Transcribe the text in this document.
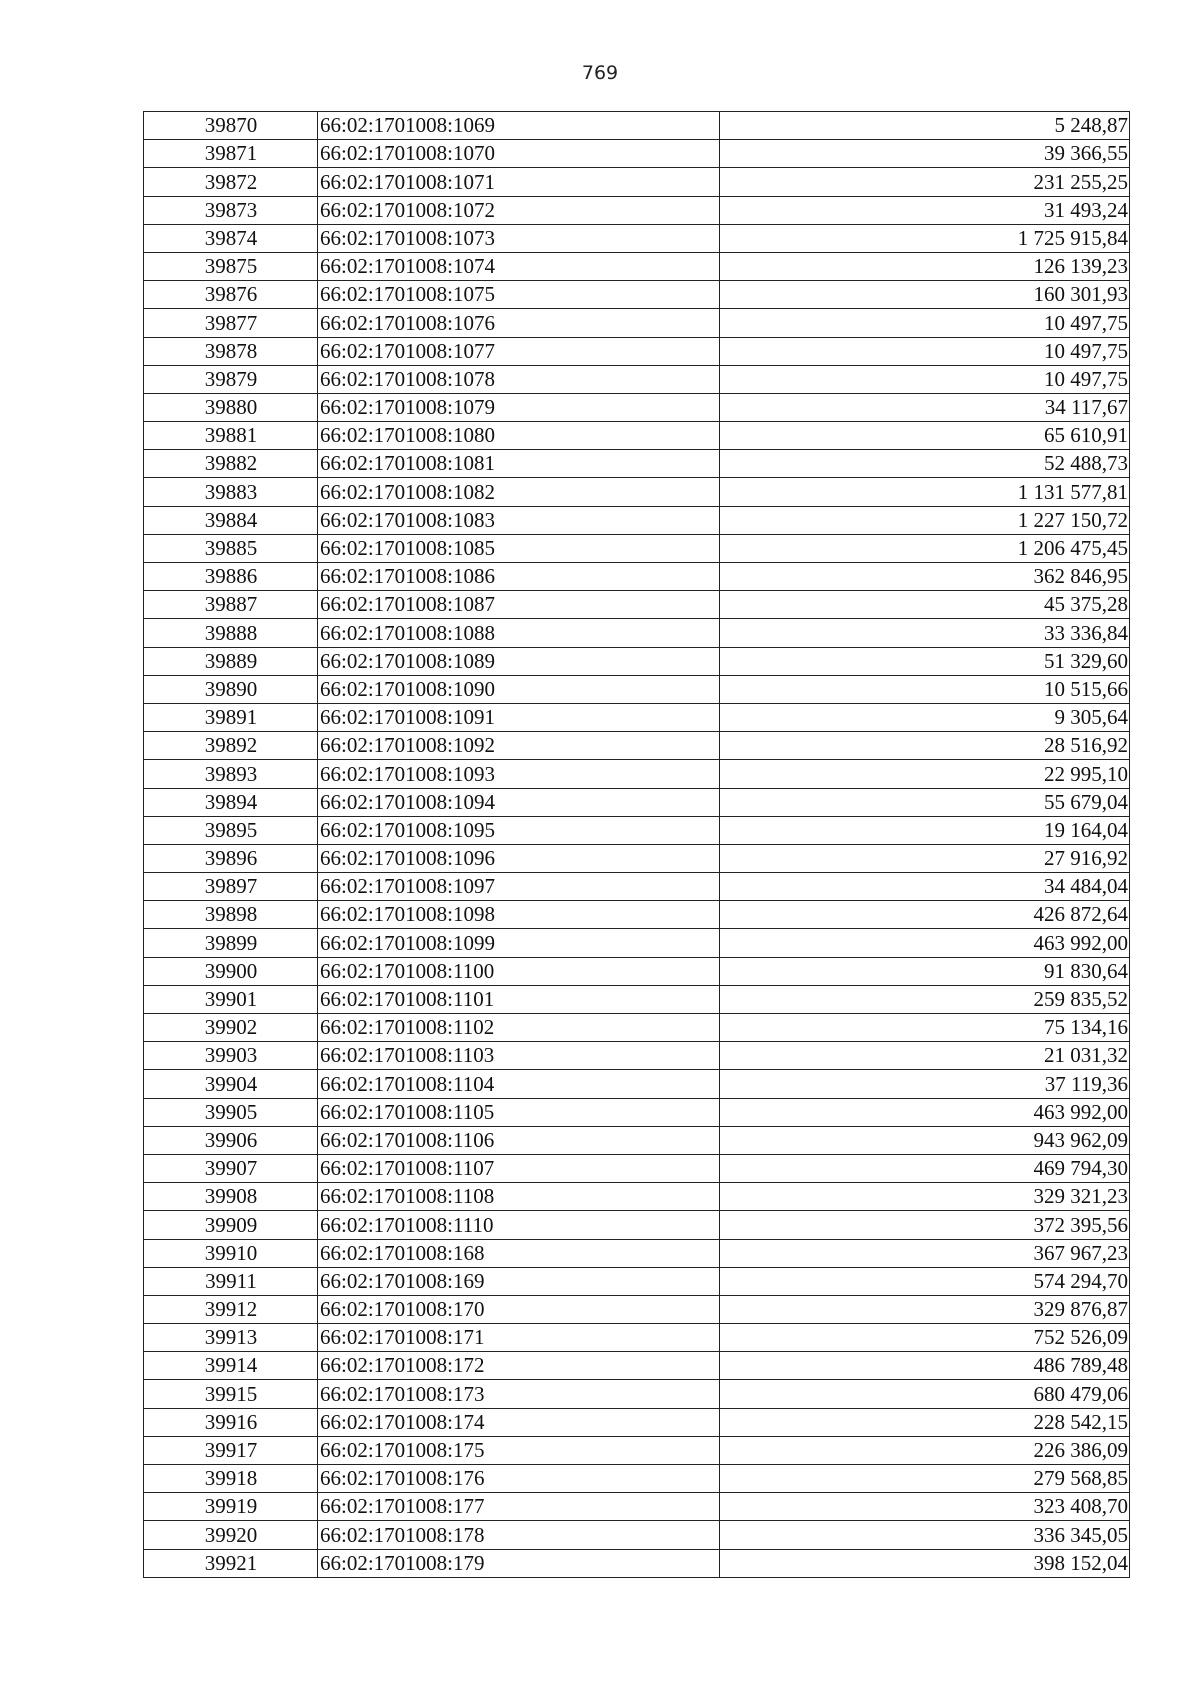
769
39870	66:02:1701008:1069	5 248,87
39871	66:02:1701008:1070	39 366,55
39872	66:02:1701008:1071	231 255,25
39873	66:02:1701008:1072	31 493,24
39874	66:02:1701008:1073	1 725 915,84
39875	66:02:1701008:1074	126 139,23
39876	66:02:1701008:1075	160 301,93
39877	66:02:1701008:1076	10 497,75
39878	66:02:1701008:1077	10 497,75
39879	66:02:1701008:1078	10 497,75
39880	66:02:1701008:1079	34 117,67
39881	66:02:1701008:1080	65 610,91
39882	66:02:1701008:1081	52 488,73
39883	66:02:1701008:1082	1 131 577,81
39884	66:02:1701008:1083	1 227 150,72
39885	66:02:1701008:1085	1 206 475,45
39886	66:02:1701008:1086	362 846,95
39887	66:02:1701008:1087	45 375,28
39888	66:02:1701008:1088	33 336,84
39889	66:02:1701008:1089	51 329,60
39890	66:02:1701008:1090	10 515,66
39891	66:02:1701008:1091	9 305,64
39892	66:02:1701008:1092	28 516,92
39893	66:02:1701008:1093	22 995,10
39894	66:02:1701008:1094	55 679,04
39895	66:02:1701008:1095	19 164,04
39896	66:02:1701008:1096	27 916,92
39897	66:02:1701008:1097	34 484,04
39898	66:02:1701008:1098	426 872,64
39899	66:02:1701008:1099	463 992,00
39900	66:02:1701008:1100	91 830,64
39901	66:02:1701008:1101	259 835,52
39902	66:02:1701008:1102	75 134,16
39903	66:02:1701008:1103	21 031,32
39904	66:02:1701008:1104	37 119,36
39905	66:02:1701008:1105	463 992,00
39906	66:02:1701008:1106	943 962,09
39907	66:02:1701008:1107	469 794,30
39908	66:02:1701008:1108	329 321,23
39909	66:02:1701008:1110	372 395,56
39910	66:02:1701008:168	367 967,23
39911	66:02:1701008:169	574 294,70
39912	66:02:1701008:170	329 876,87
39913	66:02:1701008:171	752 526,09
39914	66:02:1701008:172	486 789,48
39915	66:02:1701008:173	680 479,06
39916	66:02:1701008:174	228 542,15
39917	66:02:1701008:175	226 386,09
39918	66:02:1701008:176	279 568,85
39919	66:02:1701008:177	323 408,70
39920	66:02:1701008:178	336 345,05
39921	66:02:1701008:179	398 152,04
